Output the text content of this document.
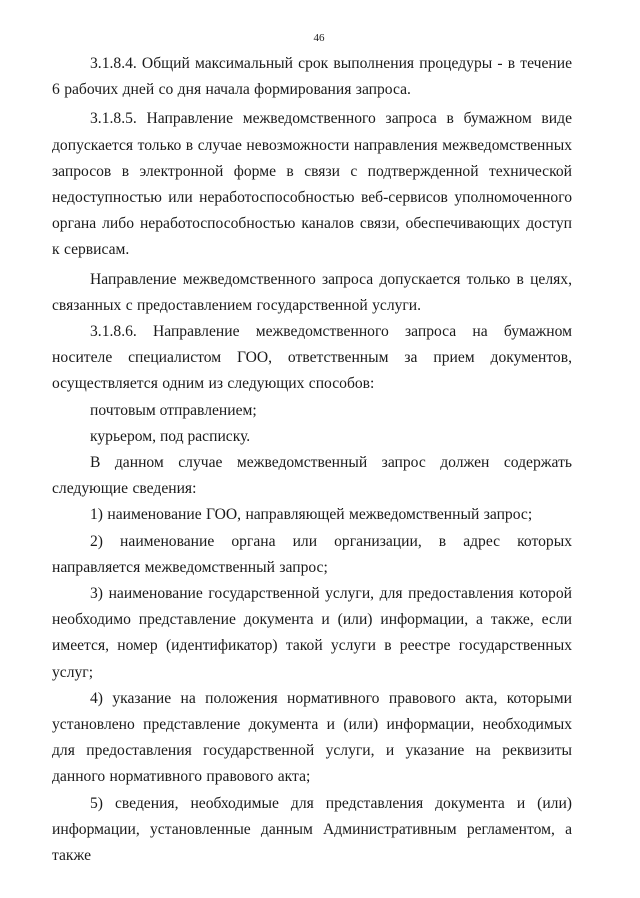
46

3.1.8.4. Общий максимальный срок выполнения процедуры - в течение 6 рабочих дней со дня начала формирования запроса.

3.1.8.5. Направление межведомственного запроса в бумажном виде допускается только в случае невозможности направления межведомственных запросов в электронной форме в связи с подтвержденной технической недоступностью или неработоспособностью веб-сервисов уполномоченного органа либо неработоспособностью каналов связи, обеспечивающих доступ к сервисам.

Направление межведомственного запроса допускается только в целях, связанных с предоставлением государственной услуги.

3.1.8.6. Направление межведомственного запроса на бумажном носителе специалистом ГОО, ответственным за прием документов, осуществляется одним из следующих способов:

почтовым отправлением;

курьером, под расписку.

В данном случае межведомственный запрос должен содержать следующие сведения:

1) наименование ГОО, направляющей межведомственный запрос;

2) наименование органа или организации, в адрес которых направляется межведомственный запрос;

3) наименование государственной услуги, для предоставления которой необходимо представление документа и (или) информации, а также, если имеется, номер (идентификатор) такой услуги в реестре государственных услуг;

4) указание на положения нормативного правового акта, которыми установлено представление документа и (или) информации, необходимых для предоставления государственной услуги, и указание на реквизиты данного нормативного правового акта;

5) сведения, необходимые для представления документа и (или) информации, установленные данным Административным регламентом, а также
